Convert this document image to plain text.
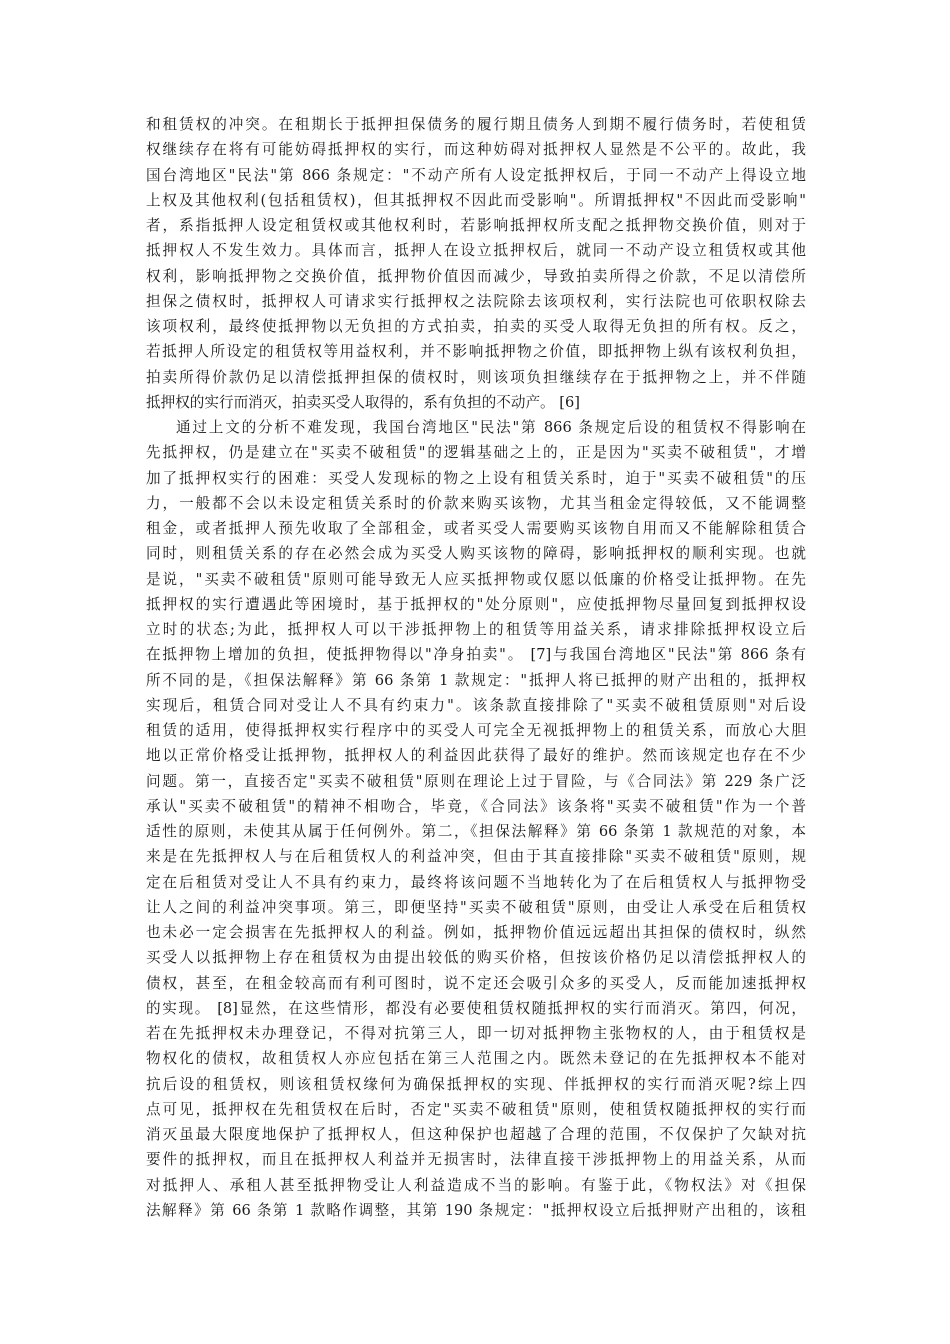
和租赁权的冲突。在租期长于抵押担保债务的履行期且债务人到期不履行债务时，若使租赁
权继续存在将有可能妨碍抵押权的实行，而这种妨碍对抵押权人显然是不公平的。故此，我
国台湾地区"民法"第 866 条规定："不动产所有人设定抵押权后，于同一不动产上得设立地
上权及其他权利(包括租赁权)，但其抵押权不因此而受影响"。所谓抵押权"不因此而受影响"
者，系指抵押人设定租赁权或其他权利时，若影响抵押权所支配之抵押物交换价值，则对于
抵押权人不发生效力。具体而言，抵押人在设立抵押权后，就同一不动产设立租赁权或其他
权利，影响抵押物之交换价值，抵押物价值因而减少，导致拍卖所得之价款，不足以清偿所
担保之债权时，抵押权人可请求实行抵押权之法院除去该项权利，实行法院也可依职权除去
该项权利，最终使抵押物以无负担的方式拍卖，拍卖的买受人取得无负担的所有权。反之，
若抵押人所设定的租赁权等用益权利，并不影响抵押物之价值，即抵押物上纵有该权利负担，
拍卖所得价款仍足以清偿抵押担保的债权时，则该项负担继续存在于抵押物之上，并不伴随
抵押权的实行而消灭，拍卖买受人取得的，系有负担的不动产。 [6]
通过上文的分析不难发现，我国台湾地区"民法"第 866 条规定后设的租赁权不得影响在
先抵押权，仍是建立在"买卖不破租赁"的逻辑基础之上的，正是因为"买卖不破租赁"，才增
加了抵押权实行的困难：买受人发现标的物之上设有租赁关系时，迫于"买卖不破租赁"的压
力，一般都不会以未设定租赁关系时的价款来购买该物，尤其当租金定得较低，又不能调整
租金，或者抵押人预先收取了全部租金，或者买受人需要购买该物自用而又不能解除租赁合
同时，则租赁关系的存在必然会成为买受人购买该物的障碍，影响抵押权的顺利实现。也就
是说，"买卖不破租赁"原则可能导致无人应买抵押物或仅愿以低廉的价格受让抵押物。在先
抵押权的实行遭遇此等困境时，基于抵押权的"处分原则"，应使抵押物尽量回复到抵押权设
立时的状态;为此，抵押权人可以干涉抵押物上的租赁等用益关系，请求排除抵押权设立后
在抵押物上增加的负担，使抵押物得以"净身拍卖"。 [7]与我国台湾地区"民法"第 866 条有
所不同的是，《担保法解释》第 66 条第 1 款规定："抵押人将已抵押的财产出租的，抵押权
实现后，租赁合同对受让人不具有约束力"。该条款直接排除了"买卖不破租赁原则"对后设
租赁的适用，使得抵押权实行程序中的买受人可完全无视抵押物上的租赁关系，而放心大胆
地以正常价格受让抵押物，抵押权人的利益因此获得了最好的维护。然而该规定也存在不少
问题。第一，直接否定"买卖不破租赁"原则在理论上过于冒险，与《合同法》第 229 条广泛
承认"买卖不破租赁"的精神不相吻合，毕竟，《合同法》该条将"买卖不破租赁"作为一个普
适性的原则，未使其从属于任何例外。第二，《担保法解释》第 66 条第 1 款规范的对象，本
来是在先抵押权人与在后租赁权人的利益冲突，但由于其直接排除"买卖不破租赁"原则，规
定在后租赁对受让人不具有约束力，最终将该问题不当地转化为了在后租赁权人与抵押物受
让人之间的利益冲突事项。第三，即便坚持"买卖不破租赁"原则，由受让人承受在后租赁权
也未必一定会损害在先抵押权人的利益。例如，抵押物价值远远超出其担保的债权时，纵然
买受人以抵押物上存在租赁权为由提出较低的购买价格，但按该价格仍足以清偿抵押权人的
债权，甚至，在租金较高而有利可图时，说不定还会吸引众多的买受人，反而能加速抵押权
的实现。 [8]显然，在这些情形，都没有必要使租赁权随抵押权的实行而消灭。第四，何况，
若在先抵押权未办理登记，不得对抗第三人，即一切对抵押物主张物权的人，由于租赁权是
物权化的债权，故租赁权人亦应包括在第三人范围之内。既然未登记的在先抵押权本不能对
抗后设的租赁权，则该租赁权缘何为确保抵押权的实现、伴抵押权的实行而消灭呢?综上四
点可见，抵押权在先租赁权在后时，否定"买卖不破租赁"原则，使租赁权随抵押权的实行而
消灭虽最大限度地保护了抵押权人，但这种保护也超越了合理的范围，不仅保护了欠缺对抗
要件的抵押权，而且在抵押权人利益并无损害时，法律直接干涉抵押物上的用益关系，从而
对抵押人、承租人甚至抵押物受让人利益造成不当的影响。有鉴于此，《物权法》对《担保
法解释》第 66 条第 1 款略作调整，其第 190 条规定："抵押权设立后抵押财产出租的，该租
